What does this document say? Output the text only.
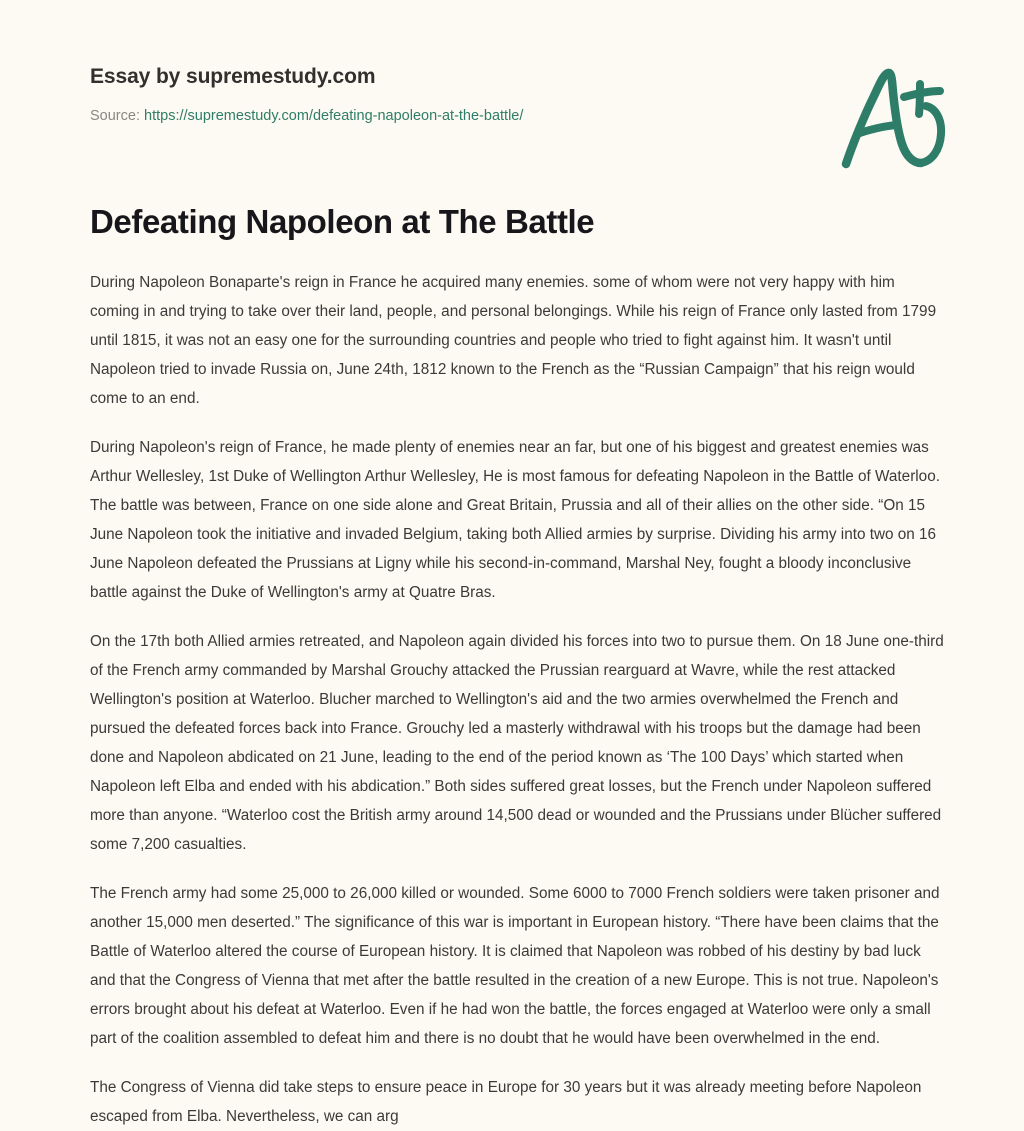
Essay by supremestudy.com
Source: https://supremestudy.com/defeating-napoleon-at-the-battle/
Defeating Napoleon at The Battle

During Napoleon Bonaparte's reign in France he acquired many enemies. some of whom were not very happy with him coming in and trying to take over their land, people, and personal belongings. While his reign of France only lasted from 1799 until 1815, it was not an easy one for the surrounding countries and people who tried to fight against him. It wasn't until Napoleon tried to invade Russia on, June 24th, 1812 known to the French as the “Russian Campaign” that his reign would come to an end.

During Napoleon's reign of France, he made plenty of enemies near an far, but one of his biggest and greatest enemies was Arthur Wellesley, 1st Duke of Wellington Arthur Wellesley, He is most famous for defeating Napoleon in the Battle of Waterloo. The battle was between, France on one side alone and Great Britain, Prussia and all of their allies on the other side. “On 15 June Napoleon took the initiative and invaded Belgium, taking both Allied armies by surprise. Dividing his army into two on 16 June Napoleon defeated the Prussians at Ligny while his second-in-command, Marshal Ney, fought a bloody inconclusive battle against the Duke of Wellington's army at Quatre Bras.

On the 17th both Allied armies retreated, and Napoleon again divided his forces into two to pursue them. On 18 June one-third of the French army commanded by Marshal Grouchy attacked the Prussian rearguard at Wavre, while the rest attacked Wellington's position at Waterloo. Blucher marched to Wellington's aid and the two armies overwhelmed the French and pursued the defeated forces back into France. Grouchy led a masterly withdrawal with his troops but the damage had been done and Napoleon abdicated on 21 June, leading to the end of the period known as ‘The 100 Days’ which started when Napoleon left Elba and ended with his abdication.” Both sides suffered great losses, but the French under Napoleon suffered more than anyone. “Waterloo cost the British army around 14,500 dead or wounded and the Prussians under Blücher suffered some 7,200 casualties.

The French army had some 25,000 to 26,000 killed or wounded. Some 6000 to 7000 French soldiers were taken prisoner and another 15,000 men deserted.” The significance of this war is important in European history. “There have been claims that the Battle of Waterloo altered the course of European history. It is claimed that Napoleon was robbed of his destiny by bad luck and that the Congress of Vienna that met after the battle resulted in the creation of a new Europe. This is not true. Napoleon's errors brought about his defeat at Waterloo. Even if he had won the battle, the forces engaged at Waterloo were only a small part of the coalition assembled to defeat him and there is no doubt that he would have been overwhelmed in the end.

The Congress of Vienna did take steps to ensure peace in Europe for 30 years but it was already meeting before Napoleon escaped from Elba. Nevertheless, we can arg
